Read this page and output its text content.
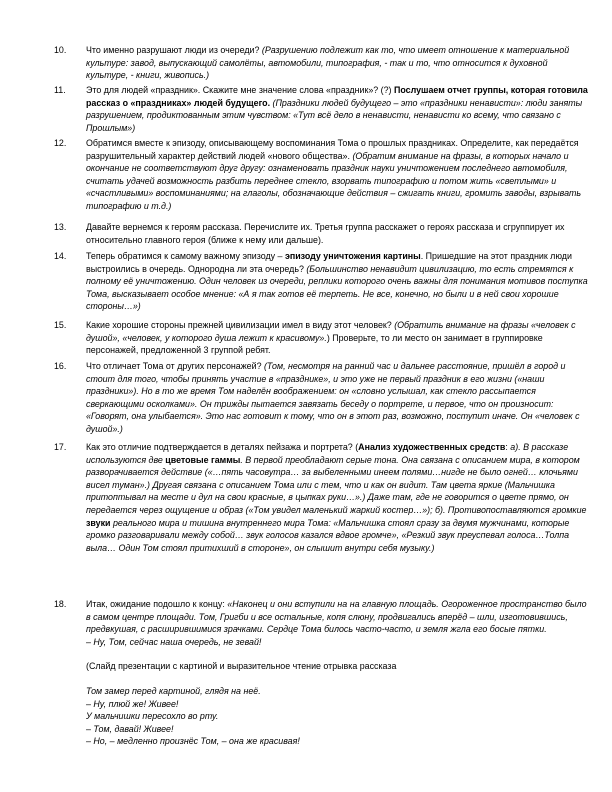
10. Что именно разрушают люди из очереди? (Разрушению подлежит как то, что имеет отношение к материальной культуре: завод, выпускающий самолёты, автомобили, типография, - так и то, что относится к духовной культуре, - книги, живопись.)
11. Это для людей «праздник». Скажите мне значение слова «праздник»? (?) Послушаем отчет группы, которая готовила рассказ о «праздниках» людей будущего. (Праздники людей будущего – это «праздники ненависти»: люди заняты разрушением, продиктованным этим чувством: «Тут всё дело в ненависти, ненависти ко всему, что связано с Прошлым»)
12. Обратимся вместе к эпизоду, описывающему воспоминания Тома о прошлых праздниках. Определите, как передаётся разрушительный характер действий людей «нового общества». (Обратим внимание на фразы, в которых начало и окончание не соответствуют друг другу: ознаменовать праздник науки уничтожением последнего автомобиля, считать удачей возможность разбить переднее стекло, взорвать типографию и потом жить «светлыми» и «счастливыми» воспоминаниями; на глаголы, обозначающие действия – сжигать книги, громить заводы, взрывать типографию и т.д.)
13. Давайте вернемся к героям рассказа. Перечислите их. Третья группа расскажет о героях рассказа и сгруппирует их относительно главного героя (ближе к нему или дальше).
14. Теперь обратимся к самому важному эпизоду – эпизоду уничтожения картины. Пришедшие на этот праздник люди выстроились в очередь. Однородна ли эта очередь? (Большинство ненавидит цивилизацию, то есть стремятся к полному её уничтожению. Один человек из очереди, реплики которого очень важны для понимания мотивов поступка Тома, высказывает особое мнение: «А я так готов её терпеть. Не все, конечно, но были и в ней свои хорошие стороны…»)
15. Какие хорошие стороны прежней цивилизации имел в виду этот человек? (Обратить внимание на фразы «человек с душой», «человек, у которого душа лежит к красивому».) Проверьте, то ли место он занимает в группировке персонажей, предложенной 3 группой ребят.
16. Что отличает Тома от других персонажей? (Том, несмотря на ранний час и дальнее расстояние, пришёл в город и стоит для того, чтобы принять участие в «празднике», и это уже не первый праздник в его жизни («наши праздники»). Но в то же время Том наделён воображением: он «словно услышал, как стекло рассыпается сверкающими осколками». Он трижды пытается завязать беседу о портрете, и первое, что он произносит: «Говорят, она улыбается». Это нас готовит к тому, что он в этот раз, возможно, поступит иначе. Он «человек с душой».)
17. Как это отличие подтверждается в деталях пейзажа и портрета? (Анализ художественных средств: а). В рассказе используются две цветовые гаммы. В первой преобладают серые тона. Она связана с описанием мира, в котором разворачивается действие («…пять часовутра… за выбеленными инеем полями…нигде не было огней… клочьями висел туман».) Другая связана с описанием Тома или с тем, что и как он видит. Там цвета яркие (Мальчишка притоптывал на месте и дул на свои красные, в цыпках руки…».) Даже там, где не говорится о цвете прямо, он передается через ощущение и образ («Том увидел маленький жаркий костер…»); б). Противопоставляются громкие звуки реального мира и тишина внутреннего мира Тома: «Мальчишка стоял сразу за двумя мужчинами, которые громко разговаривали между собой… звук голосов казался вдвое громче», «Резкий звук преуспевал голоса…Толпа выла… Один Том стоял притихший в стороне», он слышит внутри себя музыку.)
18. Итак, ожидание подошло к концу: «Наконец и они вступили на на главную площадь. Огороженное пространство было в самом центре площади. Том, Григби и все остальные, копя слюну, продвигались вперёд – шли, изготовившись, предвкушая, с расширившимися зрачками. Сердце Тома билось часто-часто, и земля жгла его босые пятки.

– Ну, Том, сейчас наша очередь, не зевай!

(Слайд презентации с картиной и выразительное чтение отрывка рассказа

Том замер перед картиной, глядя на неё.

– Ну, плюй же! Живее!

У мальчишки пересохло во рту.

– Том, давай! Живее!

– Но, – медленно произнёс Том, – она же красивая!
